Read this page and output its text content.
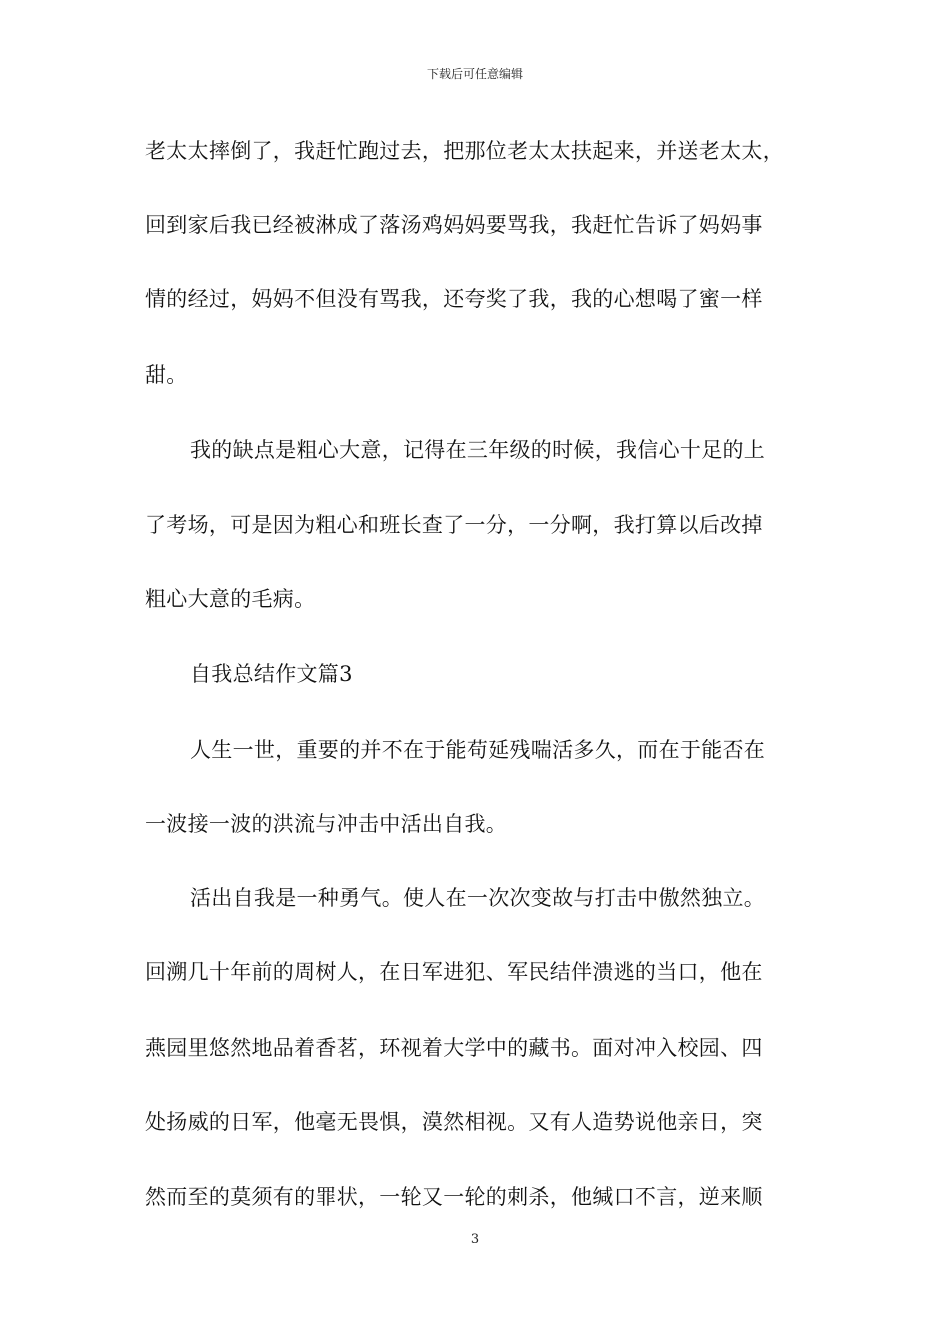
下载后可任意编辑
老太太摔倒了，我赶忙跑过去，把那位老太太扶起来，并送老太太，
回到家后我已经被淋成了落汤鸡妈妈要骂我，我赶忙告诉了妈妈事
情的经过，妈妈不但没有骂我，还夸奖了我，我的心想喝了蜜一样
甜。
我的缺点是粗心大意，记得在三年级的时候，我信心十足的上
了考场，可是因为粗心和班长查了一分，一分啊，我打算以后改掉
粗心大意的毛病。
自我总结作文篇3
人生一世，重要的并不在于能苟延残喘活多久，而在于能否在
一波接一波的洪流与冲击中活出自我。
活出自我是一种勇气。使人在一次次变故与打击中傲然独立。
回溯几十年前的周树人，在日军进犯、军民结伴溃逃的当口，他在
燕园里悠然地品着香茗，环视着大学中的藏书。面对冲入校园、四
处扬威的日军，他毫无畏惧，漠然相视。又有人造势说他亲日，突
然而至的莫须有的罪状，一轮又一轮的刺杀，他缄口不言，逆来顺
3
